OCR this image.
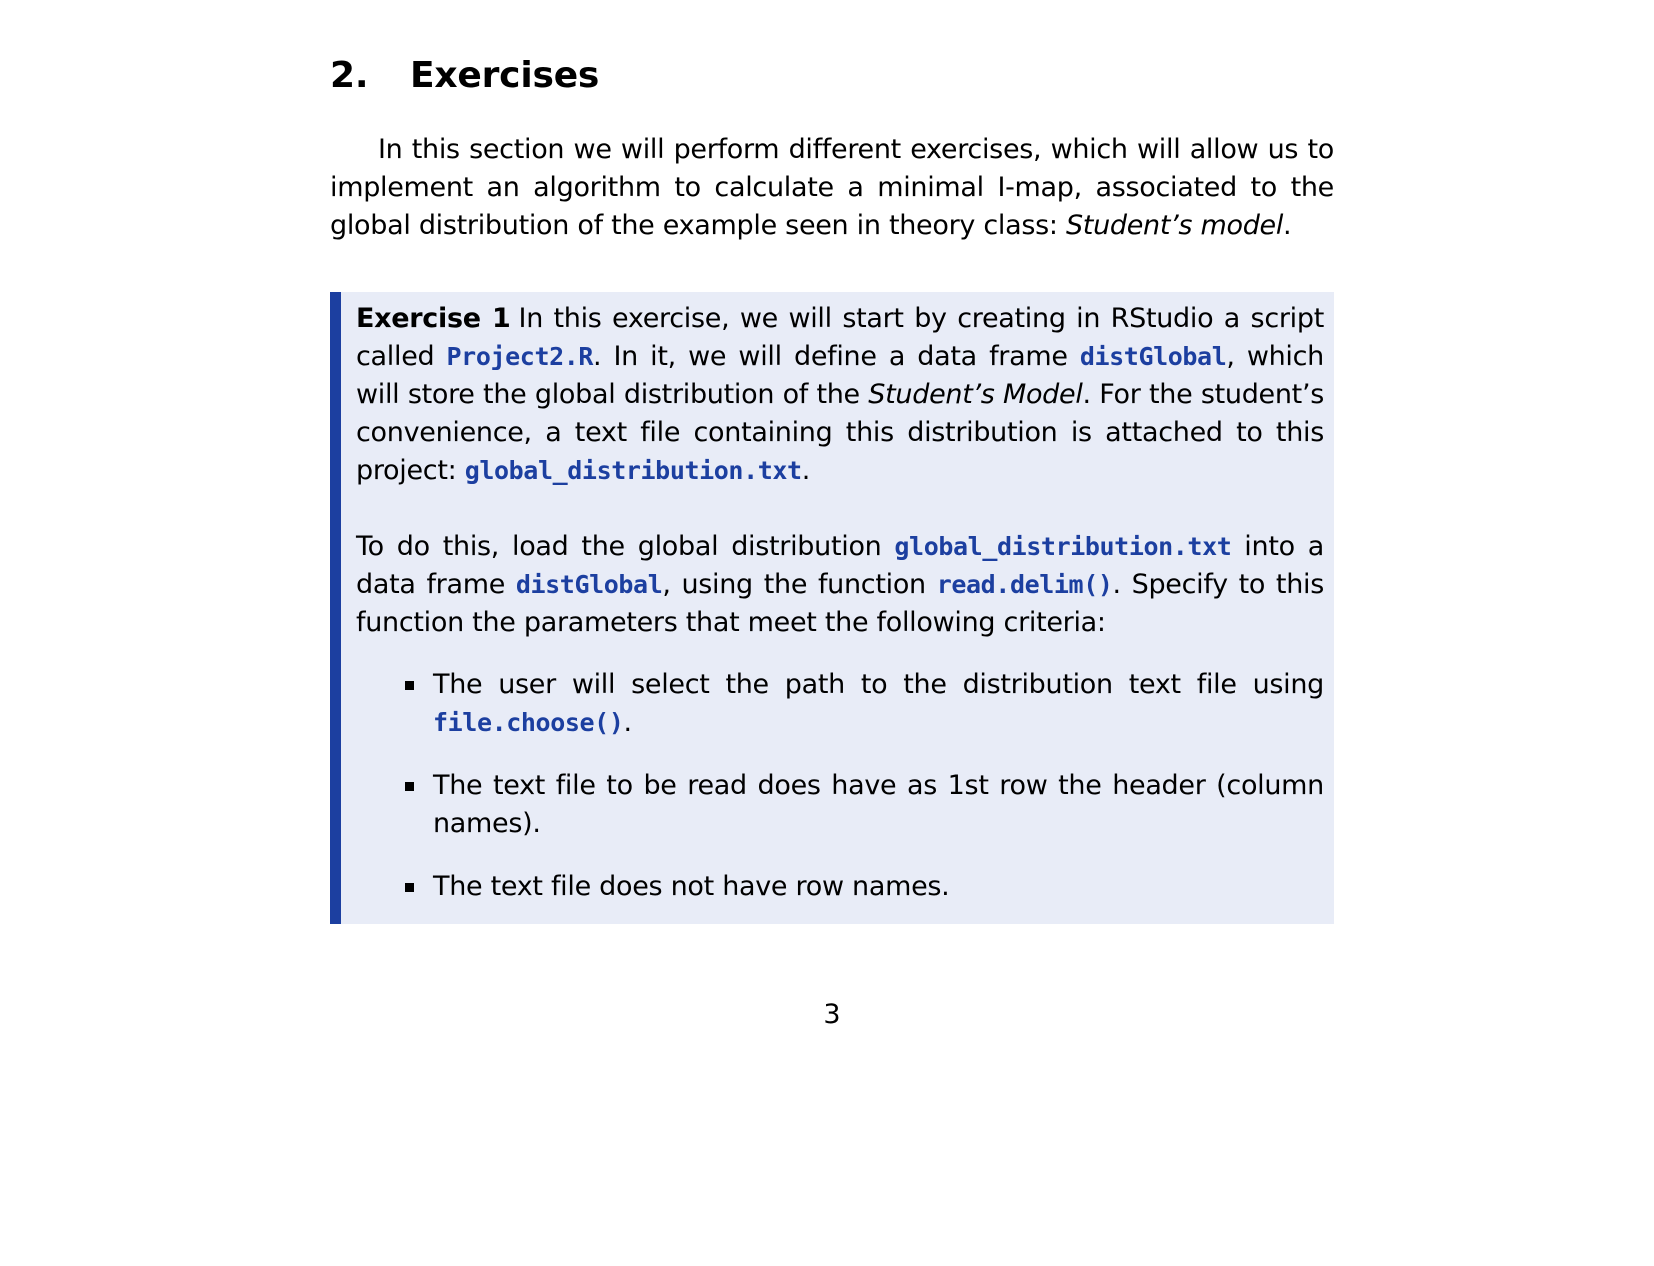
2. Exercises

In this section we will perform different exercises, which will allow us to implement an algorithm to calculate a minimal I-map, associated to the global distribution of the example seen in theory class: Student’s model.

Exercise 1 In this exercise, we will start by creating in RStudio a script called Project2.R. In it, we will define a data frame distGlobal, which will store the global distribution of the Student’s Model. For the student’s convenience, a text file containing this distribution is attached to this project: global_distribution.txt.

To do this, load the global distribution global_distribution.txt into a data frame distGlobal, using the function read.delim(). Specify to this function the parameters that meet the following criteria:

The user will select the path to the distribution text file using file.choose().
The text file to be read does have as 1st row the header (column names).
The text file does not have row names.
3
